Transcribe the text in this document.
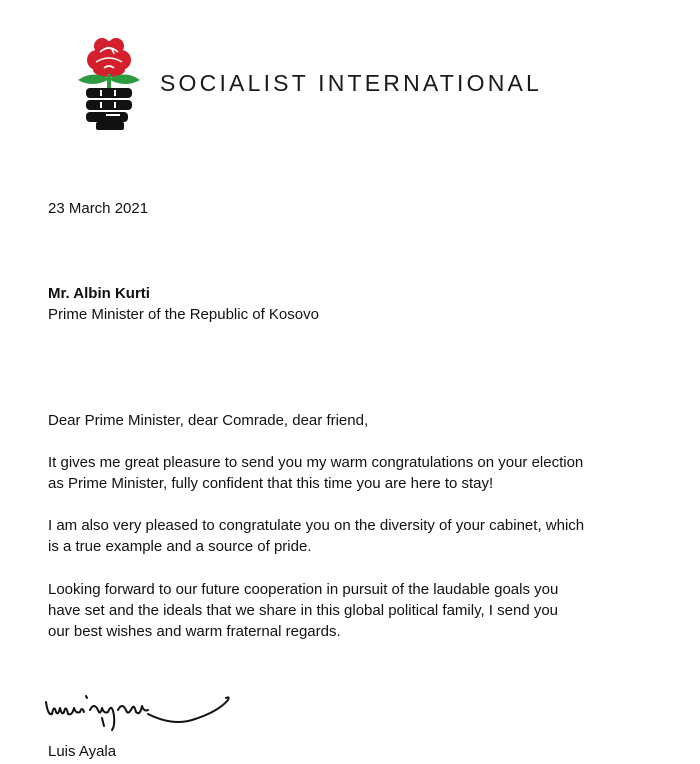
SOCIALIST INTERNATIONAL
23 March 2021
Mr. Albin Kurti
Prime Minister of the Republic of Kosovo
Dear Prime Minister, dear Comrade, dear friend,
It gives me great pleasure to send you my warm congratulations on your election
as Prime Minister, fully confident that this time you are here to stay!
I am also very pleased to congratulate you on the diversity of your cabinet, which
is a true example and a source of pride.
Looking forward to our future cooperation in pursuit of the laudable goals you
have set and the ideals that we share in this global political family, I send you
our best wishes and warm fraternal regards.
Luis Ayala
